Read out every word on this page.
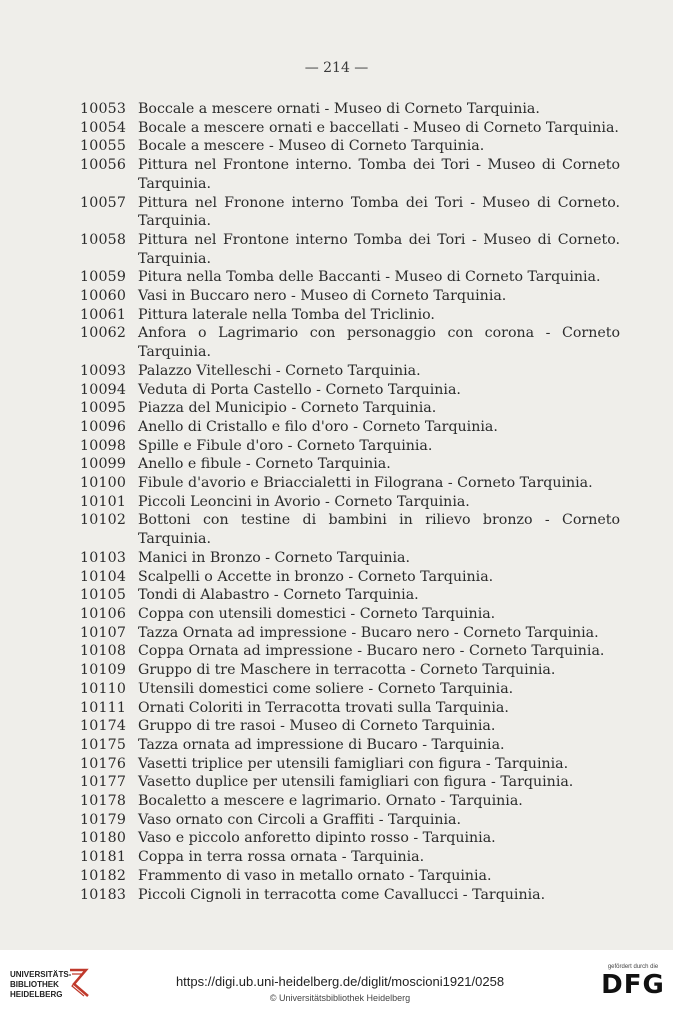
— 214 —
10053 Boccale a mescere ornati - Museo di Corneto Tarquinia.
10054 Bocale a mescere ornati e baccellati - Museo di Corneto Tarquinia.
10055 Bocale a mescere - Museo di Corneto Tarquinia.
10056 Pittura nel Frontone interno. Tomba dei Tori - Museo di Corneto Tarquinia.
10057 Pittura nel Fronone interno Tomba dei Tori - Museo di Corneto. Tarquinia.
10058 Pittura nel Frontone interno Tomba dei Tori - Museo di Corneto. Tarquinia.
10059 Pitura nella Tomba delle Baccanti - Museo di Corneto Tarquinia.
10060 Vasi in Buccaro nero - Museo di Corneto Tarquinia.
10061 Pittura laterale nella Tomba del Triclinio.
10062 Anfora o Lagrimario con personaggio con corona - Corneto Tarquinia.
10093 Palazzo Vitelleschi - Corneto Tarquinia.
10094 Veduta di Porta Castello - Corneto Tarquinia.
10095 Piazza del Municipio - Corneto Tarquinia.
10096 Anello di Cristallo e filo d'oro - Corneto Tarquinia.
10098 Spille e Fibule d'oro - Corneto Tarquinia.
10099 Anello e fibule - Corneto Tarquinia.
10100 Fibule d'avorio e Briaccialetti in Filograna - Corneto Tarquinia.
10101 Piccoli Leoncini in Avorio - Corneto Tarquinia.
10102 Bottoni con testine di bambini in rilievo bronzo - Corneto Tarquinia.
10103 Manici in Bronzo - Corneto Tarquinia.
10104 Scalpelli o Accette in bronzo - Corneto Tarquinia.
10105 Tondi di Alabastro - Corneto Tarquinia.
10106 Coppa con utensili domestici - Corneto Tarquinia.
10107 Tazza Ornata ad impressione - Bucaro nero - Corneto Tarquinia.
10108 Coppa Ornata ad impressione - Bucaro nero - Corneto Tarquinia.
10109 Gruppo di tre Maschere in terracotta - Corneto Tarquinia.
10110 Utensili domestici come soliere - Corneto Tarquinia.
10111 Ornati Coloriti in Terracotta trovati sulla Tarquinia.
10174 Gruppo di tre rasoi - Museo di Corneto Tarquinia.
10175 Tazza ornata ad impressione di Bucaro - Tarquinia.
10176 Vasetti triplice per utensili famigliari con figura - Tarquinia.
10177 Vasetto duplice per utensili famigliari con figura - Tarquinia.
10178 Bocaletto a mescere e lagrimario. Ornato - Tarquinia.
10179 Vaso ornato con Circoli a Graffiti - Tarquinia.
10180 Vaso e piccolo anforetto dipinto rosso - Tarquinia.
10181 Coppa in terra rossa ornata - Tarquinia.
10182 Frammento di vaso in metallo ornato - Tarquinia.
10183 Piccoli Cignoli in terracotta come Cavallucci - Tarquinia.
UNIVERSITÄTS-
BIBLIOTHEK
HEIDELBERG
https://digi.ub.uni-heidelberg.de/diglit/moscioni1921/0258
© Universitätsbibliothek Heidelberg
gefördert durch die
DFG
